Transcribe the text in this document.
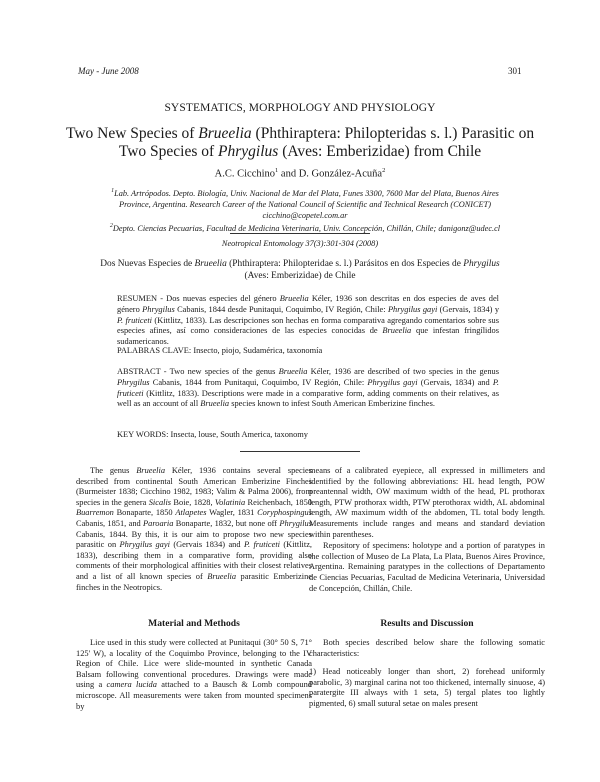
May - June 2008	301
SYSTEMATICS, MORPHOLOGY AND PHYSIOLOGY
Two New Species of Brueelia (Phthiraptera: Philopteridas s. l.) Parasitic on
Two Species of Phrygilus (Aves: Emberizidae) from Chile
A.C. Cicchino$^1$ and D. González-Acuña$^2$
$^1$Lab. Artrópodos. Depto. Biología, Univ. Nacional de Mar del Plata, Funes 3300, 7600 Mar del Plata, Buenos Aires Province, Argentina. Research Career of the National Council of Scientific and Technical Research (CONICET)
cicchino@copetel.com.ar
$^2$Depto. Ciencias Pecuarias, Facultad de Medicina Veterinaria, Univ. Concepción, Chillán, Chile; danigonz@udec.cl
Neotropical Entomology 37(3):301-304 (2008)
Dos Nuevas Especies de Brueelia (Phthiraptera: Philopteridae s. l.) Parásitos en dos Especies de Phrygilus
(Aves: Emberizidae) de Chile
RESUMEN - Dos nuevas especies del género Brueelia Kéler, 1936 son descritas en dos especies de aves del género Phrygilus Cabanis, 1844 desde Punitaqui, Coquimbo, IV Región, Chile: Phrygilus gayi (Gervais, 1834) y P. fruticeti (Kittlitz, 1833). Las descripciones son hechas en forma comparativa agregando comentarios sobre sus especies afines, así como consideraciones de las especies conocidas de Brueelia que infestan fringílidos sudamericanos.
PALABRAS CLAVE: Insecto, piojo, Sudamérica, taxonomía
ABSTRACT - Two new species of the genus Brueelia Kéler, 1936 are described of two species in the genus Phrygilus Cabanis, 1844 from Punitaqui, Coquimbo, IV Región, Chile: Phrygilus gayi (Gervais, 1834) and P. fruticeti (Kittlitz, 1833). Descriptions were made in a comparative form, adding comments on their relatives, as well as an account of all Brueelia species known to infest South American Emberizine finches.
KEY WORDS: Insecta, louse, South America, taxonomy

The genus Brueelia Kéler, 1936 contains several species described from continental South American Emberizine Finches (Burmeister 1838; Cicchino 1982, 1983; Valim & Palma 2006), from species in the genera Sicalis Boie, 1828, Volatinia Reichenbach, 1850 Buarremon Bonaparte, 1850 Atlapetes Wagler, 1831 Coryphospingus Cabanis, 1851, and Paroaria Bonaparte, 1832, but none off Phrygilus Cabanis, 1844. By this, it is our aim to propose two new species parasitic on Phrygilus gayi (Gervais 1834) and P. fruticeti (Kittlitz, 1833), describing them in a comparative form, providing also comments of their morphological affinities with their closest relatives and a list of all known species of Brueelia parasitic Emberizine finches in the Neotropics.

Material and Methods

Lice used in this study were collected at Punitaqui (30° 50 S, 71° 125' W), a locality of the Coquimbo Province, belonging to the IV Region of Chile. Lice were slide-mounted in synthetic Canada Balsam following conventional procedures. Drawings were made using a camera lucida attached to a Bausch & Lomb compound microscope. All measurements were taken from mounted specimens by

means of a calibrated eyepiece, all expressed in millimeters and identified by the following abbreviations: HL head length, POW preantennal width, OW maximum width of the head, PL prothorax length, PTW prothorax width, PTW pterothorax width, AL abdominal length, AW maximum width of the abdomen, TL total body length. Measurements include ranges and means and standard deviation within parentheses.

Repository of specimens: holotype and a portion of paratypes in the collection of Museo de La Plata, La Plata, Buenos Aires Province, Argentina. Remaining paratypes in the collections of Departamento de Ciencias Pecuarias, Facultad de Medicina Veterinaria, Universidad de Concepción, Chillán, Chile.

Results and Discussion

Both species described below share the following somatic characteristics:

1) Head noticeably longer than short, 2) forehead uniformly parabolic, 3) marginal carina not too thickened, internally sinuose, 4) paratergite III always with 1 seta, 5) tergal plates too lightly pigmented, 6) small sutural setae on males present
